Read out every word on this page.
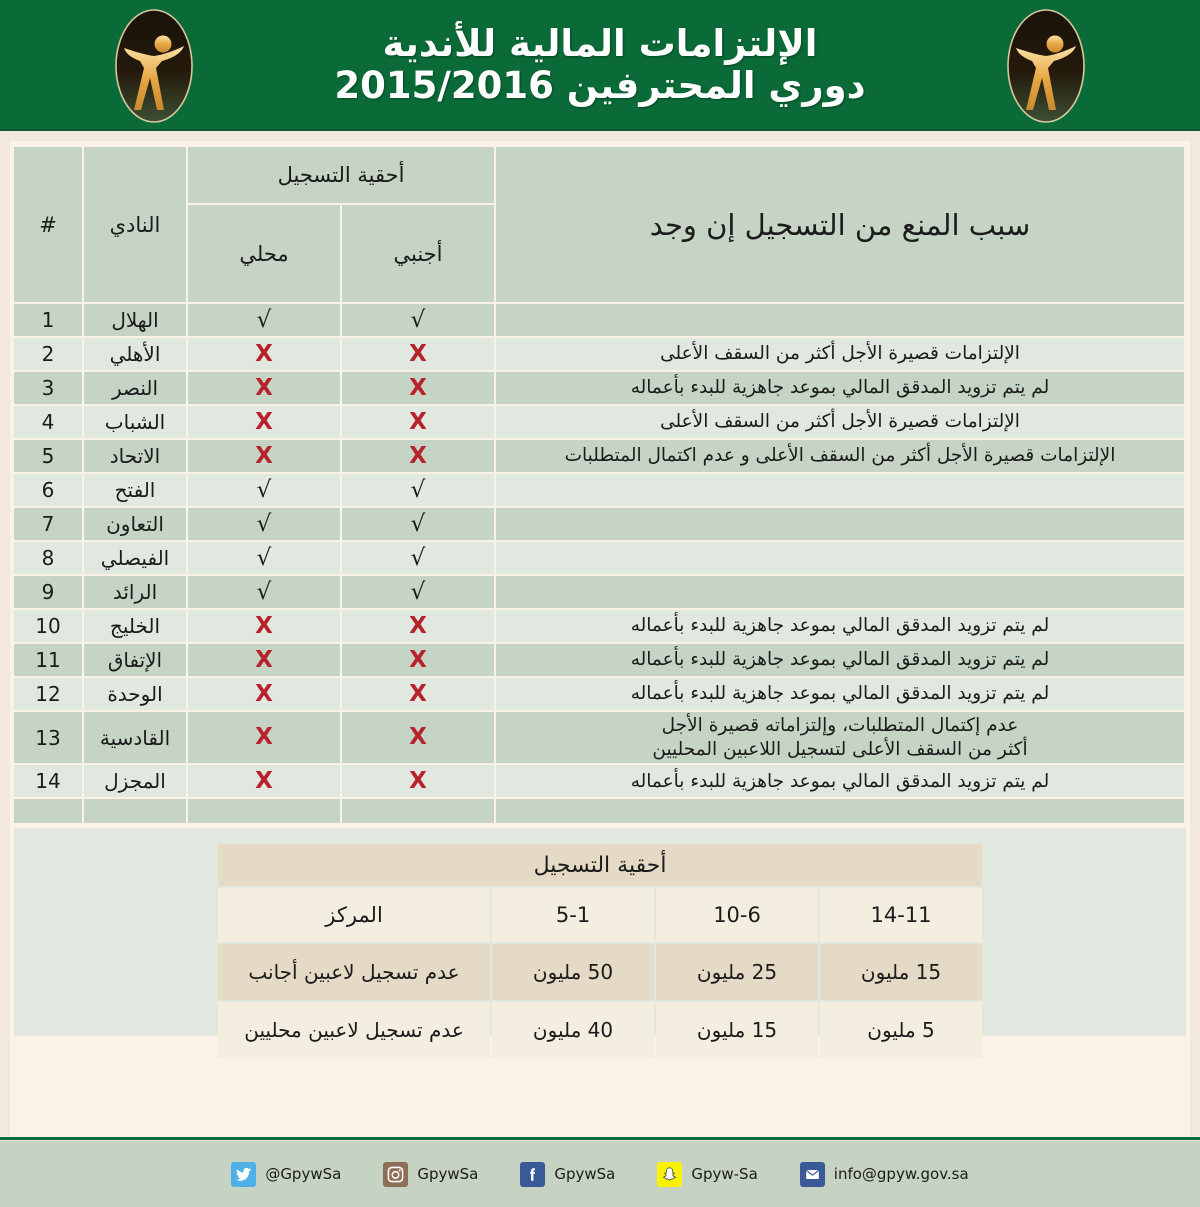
الإلتزامات المالية للأندية
دوري المحترفين 2015/2016
سبب المنع من التسجيل إن وجد	أحقية التسجيل		النادي	#
	أجنبي	محلي		
	√	√	الهلال	1
الإلتزامات قصيرة الأجل أكثر من السقف الأعلى	X	X	الأهلي	2
لم يتم تزويد المدقق المالي بموعد جاهزية للبدء بأعماله	X	X	النصر	3
الإلتزامات قصيرة الأجل أكثر من السقف الأعلى	X	X	الشباب	4
الإلتزامات قصيرة الأجل أكثر من السقف الأعلى و عدم اكتمال المتطلبات	X	X	الاتحاد	5
	√	√	الفتح	6
	√	√	التعاون	7
	√	√	الفيصلي	8
	√	√	الرائد	9
لم يتم تزويد المدقق المالي بموعد جاهزية للبدء بأعماله	X	X	الخليج	10
لم يتم تزويد المدقق المالي بموعد جاهزية للبدء بأعماله	X	X	الإتفاق	11
لم يتم تزويد المدقق المالي بموعد جاهزية للبدء بأعماله	X	X	الوحدة	12
عدم إكتمال المتطلبات، وإلتزاماته قصيرة الأجل
أكثر من السقف الأعلى لتسجيل اللاعبين المحليين	X	X	القادسية	13
لم يتم تزويد المدقق المالي بموعد جاهزية للبدء بأعماله	X	X	المجزل	14

أحقية التسجيل			
14-11	10-6	5-1	المركز
15 مليون	25 مليون	50 مليون	عدم تسجيل لاعبين أجانب
5 مليون	15 مليون	40 مليون	عدم تسجيل لاعبين محليين
@GpywSa	GpywSa	GpywSa	Gpyw-Sa	info@gpyw.gov.sa
